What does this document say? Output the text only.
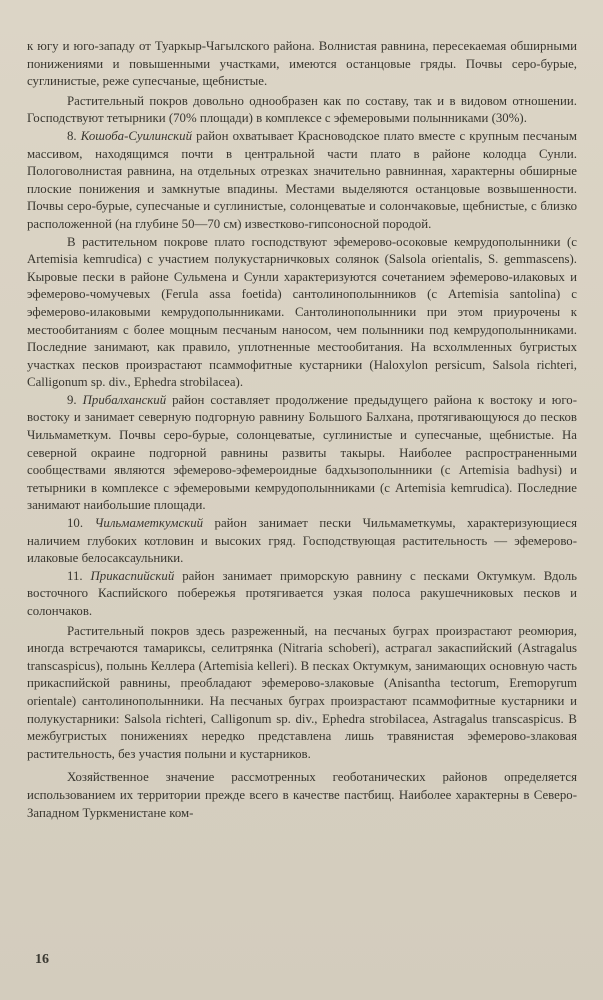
к югу и юго-западу от Туаркыр-Чагылского района. Волнистая равнина, пересекаемая обширными понижениями и повышенными участками, имеются останцовые гряды. Почвы серо-бурые, суглинистые, реже супесчаные, щебнистые.

Растительный покров довольно однообразен как по составу, так и в видовом отношении. Господствуют тетырники (70% площади) в комплексе с эфемеровыми полынниками (30%).

8. Кошоба-Суилинский район охватывает Красноводское плато вместе с крупным песчаным массивом, находящимся почти в центральной части плато в районе колодца Сунли. Пологоволнистая равнина, на отдельных отрезках значительно равнинная, характерны обширные плоские понижения и замкнутые впадины. Местами выделяются останцовые возвышенности. Почвы серо-бурые, супесчаные и суглинистые, солонцеватые и солончаковые, щебнистые, с близко расположенной (на глубине 50—70 см) известково-гипсоносной породой.

В растительном покрове плато господствуют эфемерово-осоковые кемрудополынники (с Artemisia kemrudica) с участием полукустарничковых солянок (Salsola orientalis, S. gemmascens). Кыровые пески в районе Сульмена и Сунли характеризуются сочетанием эфемерово-илаковых и эфемерово-чомучевых (Ferula assa foetida) сантолинополынников (с Artemisia santolina) с эфемерово-илаковыми кемрудополынниками. Сантолинополынники при этом приурочены к местообитаниям с более мощным песчаным наносом, чем полынники под кемрудополынниками. Последние занимают, как правило, уплотненные местообитания. На всхолмленных бугристых участках песков произрастают псаммофитные кустарники (Haloxylon persicum, Salsola richteri, Calligonum sp. div., Ephedra strobilacea).

9. Прибалханский район составляет продолжение предыдущего района к востоку и юго-востоку и занимает северную подгорную равнину Большого Балхана, протягивающуюся до песков Чильмаметкум. Почвы серо-бурые, солонцеватые, суглинистые и супесчаные, щебнистые. На северной окраине подгорной равнины развиты такыры. Наиболее распространенными сообществами являются эфемерово-эфемероидные бадхызополынники (с Artemisia badhysi) и тетырники в комплексе с эфемеровыми кемрудополынниками (с Artemisia kemrudica). Последние занимают наибольшие площади.

10. Чильмаметкумский район занимает пески Чильмаметкумы, характеризующиеся наличием глубоких котловин и высоких гряд. Господствующая растительность — эфемерово-илаковые белосаксаульники.

11. Прикаспийский район занимает приморскую равнину с песками Октумкум. Вдоль восточного Каспийского побережья протягивается узкая полоса ракушечниковых песков и солончаков.

Растительный покров здесь разреженный, на песчаных буграх произрастают реомюрия, иногда встречаются тамариксы, селитрянка (Nitraria schoberi), астрагал закаспийский (Astragalus transcaspicus), полынь Келлера (Artemisia kelleri). В песках Октумкум, занимающих основную часть прикаспийской равнины, преобладают эфемерово-злаковые (Anisantha tectorum, Eremopyrum orientale) сантолинополынники. На песчаных буграх произрастают псаммофитные кустарники и полукустарники: Salsola richteri, Calligonum sp. div., Ephedra strobilacea, Astragalus transcaspicus. В межбугристых понижениях нередко представлена лишь травянистая эфемерово-злаковая растительность, без участия полыни и кустарников.

Хозяйственное значение рассмотренных геоботанических районов определяется использованием их территории прежде всего в качестве пастбищ. Наиболее характерны в Северо-Западном Туркменистане ком-

16
